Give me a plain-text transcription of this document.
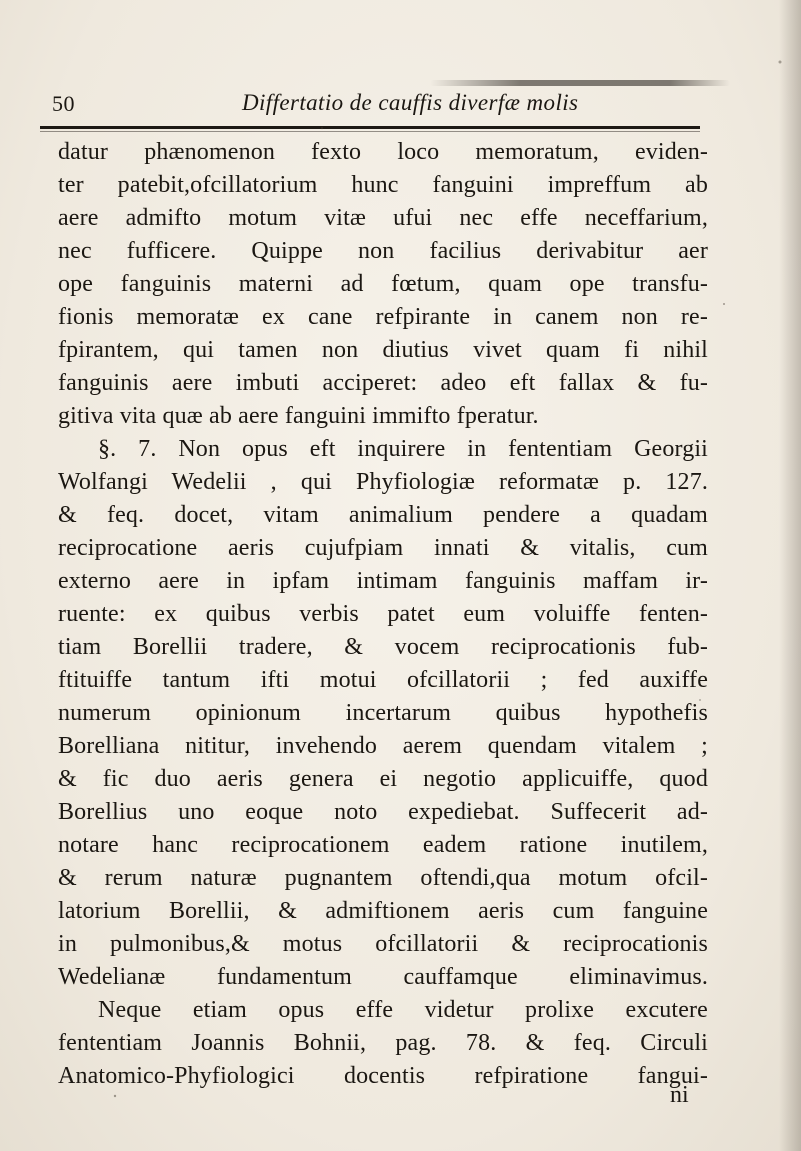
50	Differtatio de cauffis diverfæ molis
datur phænomenon fexto loco memoratum, eviden-
ter patebit,ofcillatorium hunc fanguini impreffum ab
aere admifto motum vitæ ufui nec effe neceffarium,
nec fufficere. Quippe non facilius derivabitur aer
ope fanguinis materni ad fœtum, quam ope transfu-
fionis memoratæ ex cane refpirante in canem non re-
fpirantem, qui tamen non diutius vivet quam fi nihil
fanguinis aere imbuti acciperet: adeo eft fallax & fu-
gitiva vita quæ ab aere fanguini immifto fperatur.
§. 7. Non opus eft inquirere in fententiam Georgii
Wolfangi Wedelii , qui Phyfiologiæ reformatæ p. 127.
& feq. docet, vitam animalium pendere a quadam
reciprocatione aeris cujufpiam innati & vitalis, cum
externo aere in ipfam intimam fanguinis maffam ir-
ruente: ex quibus verbis patet eum voluiffe fenten-
tiam Borellii tradere, & vocem reciprocationis fub-
ftituiffe tantum ifti motui ofcillatorii ; fed auxiffe
numerum opinionum incertarum quibus hypothefis
Borelliana nititur, invehendo aerem quendam vitalem ;
& fic duo aeris genera ei negotio applicuiffe, quod
Borellius uno eoque noto expediebat. Suffecerit ad-
notare hanc reciprocationem eadem ratione inutilem,
& rerum naturæ pugnantem oftendi,qua motum ofcil-
latorium Borellii, & admiftionem aeris cum fanguine
in pulmonibus,& motus ofcillatorii & reciprocationis
Wedelianæ fundamentum cauffamque eliminavimus.
Neque etiam opus effe videtur prolixe excutere
fententiam Joannis Bohnii, pag. 78. & feq. Circuli
Anatomico-Phyfiologici docentis refpiratione fangui-
ni
